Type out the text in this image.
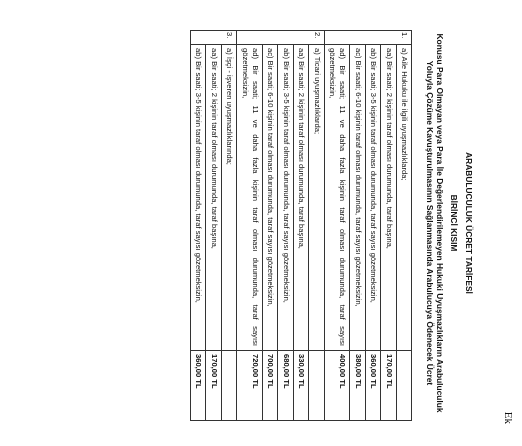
Ek
ARABULUCULUK ÜCRET TARİFESİ
BİRİNCİ KISIM
Konusu Para Olmayan veya Para İle Değerlendirilemeyen Hukuki Uyuşmazlıkların Arabuluculuk Yoluyla Çözüme Kavuşturulmasının Sağlanmasında Arabulucuya Ödenecek Ücret
1.	a) Aile Hukuku ile ilgili uyuşmazlıklarda;	
	aa) Bir saati; 2 kişinin taraf olması durumunda, taraf başına,	170,00 TL
	ab) Bir saati; 3-5 kişinin taraf olması durumunda, taraf sayısı gözetmeksizin,	360,00 TL
	ac) Bir saati; 6-10 kişinin taraf olması durumunda, taraf sayısı gözetmeksizin,	380,00 TL
	ad) Bir saati; 11 ve daha fazla kişinin taraf olması durumunda, taraf sayısı gözetmeksizin,	400,00 TL
2.	a) Ticari uyuşmazlıklarda;	
	aa) Bir saati; 2 kişinin taraf olması durumunda, taraf başına,	330,00 TL
	ab) Bir saati; 3-5 kişinin taraf olması durumunda, taraf sayısı gözetmeksizin,	680,00 TL
	ac) Bir saati; 6-10 kişinin taraf olması durumunda, taraf sayısı gözetmeksizin,	700,00 TL
	ad) Bir saati; 11 ve daha fazla kişinin taraf olması durumunda, taraf sayısı gözetmeksizin,	720,00 TL
3.	a) İşçi - işveren uyuşmazlıklarında;	
	aa) Bir saati; 2 kişinin taraf olması durumunda, taraf başına,	170,00 TL
	ab) Bir saati; 3-5 kişinin taraf olması durumunda, taraf sayısı gözetmeksizin,	360,00 TL
